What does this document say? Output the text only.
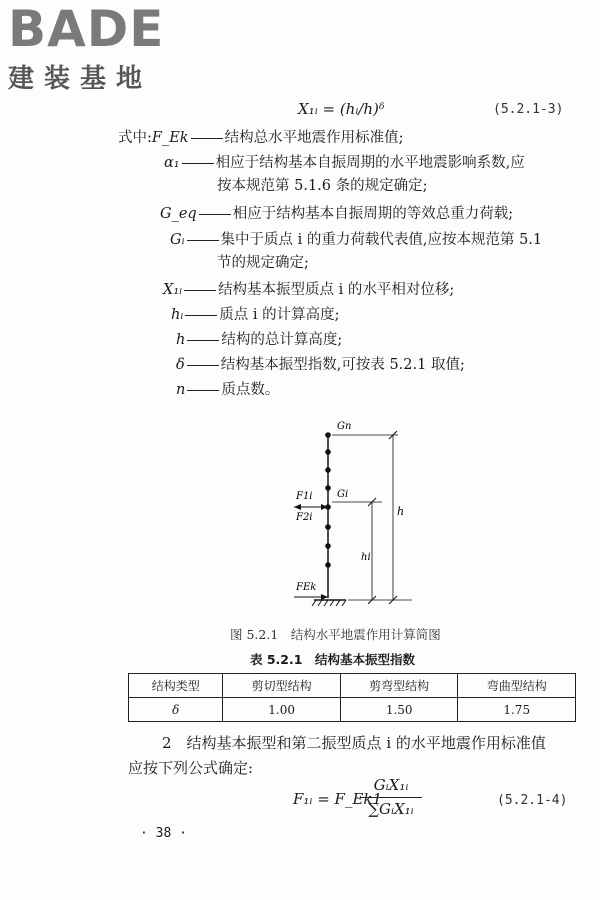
BADE
建装基地
X₁ᵢ = (hᵢ/h)ᵟ	(5.2.1-3)
式中:F_Ek 结构总水平地震作用标准值;
α₁ 相应于结构基本自振周期的水平地震影响系数,应
按本规范第 5.1.6 条的规定确定;
G_eq 相应于结构基本自振周期的等效总重力荷载;
Gᵢ 集中于质点 i 的重力荷载代表值,应按本规范第 5.1
节的规定确定;
X₁ᵢ 结构基本振型质点 i 的水平相对位移;
hᵢ 质点 i 的计算高度;
h 结构的总计算高度;
δ 结构基本振型指数,可按表 5.2.1 取值;
n 质点数。
Gn
Gi
F1i
F2i
FEk
h
hi
图 5.2.1　结构水平地震作用计算简图
表 5.2.1　结构基本振型指数
结构类型	剪切型结构	剪弯型结构	弯曲型结构
δ	1.00	1.50	1.75
2　结构基本振型和第二振型质点 i 的水平地震作用标准值
应按下列公式确定:
F₁ᵢ = F_Ek1
GᵢX₁ᵢ
∑GᵢX₁ᵢ	(5.2.1-4)
· 38 ·
